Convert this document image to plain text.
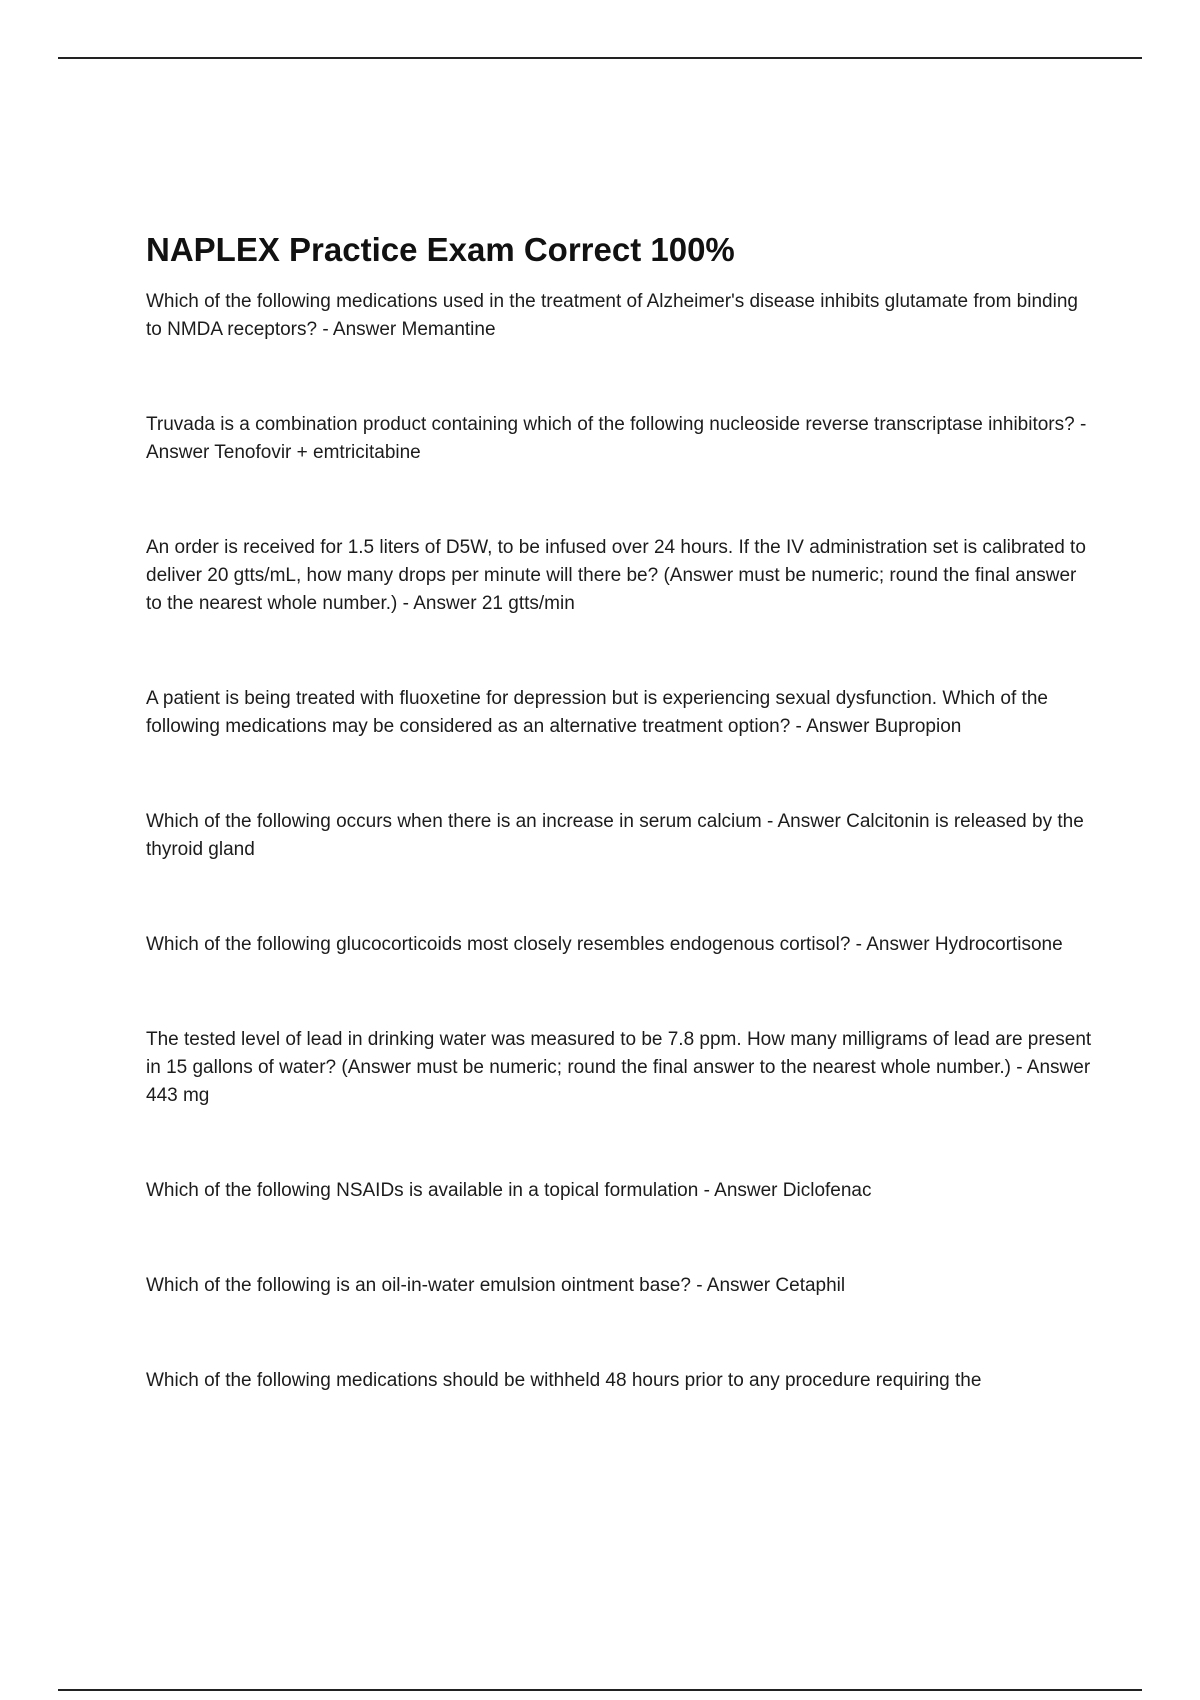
NAPLEX Practice Exam Correct 100%
Which of the following medications used in the treatment of Alzheimer's disease inhibits glutamate from binding to NMDA receptors? - Answer Memantine
Truvada is a combination product containing which of the following nucleoside reverse transcriptase inhibitors? - Answer Tenofovir + emtricitabine
An order is received for 1.5 liters of D5W, to be infused over 24 hours. If the IV administration set is calibrated to deliver 20 gtts/mL, how many drops per minute will there be? (Answer must be numeric; round the final answer to the nearest whole number.) - Answer 21 gtts/min
A patient is being treated with fluoxetine for depression but is experiencing sexual dysfunction. Which of the following medications may be considered as an alternative treatment option? - Answer Bupropion
Which of the following occurs when there is an increase in serum calcium - Answer Calcitonin is released by the thyroid gland
Which of the following glucocorticoids most closely resembles endogenous cortisol? - Answer Hydrocortisone
The tested level of lead in drinking water was measured to be 7.8 ppm. How many milligrams of lead are present in 15 gallons of water? (Answer must be numeric; round the final answer to the nearest whole number.) - Answer 443 mg
Which of the following NSAIDs is available in a topical formulation - Answer Diclofenac
Which of the following is an oil-in-water emulsion ointment base? - Answer Cetaphil
Which of the following medications should be withheld 48 hours prior to any procedure requiring the
